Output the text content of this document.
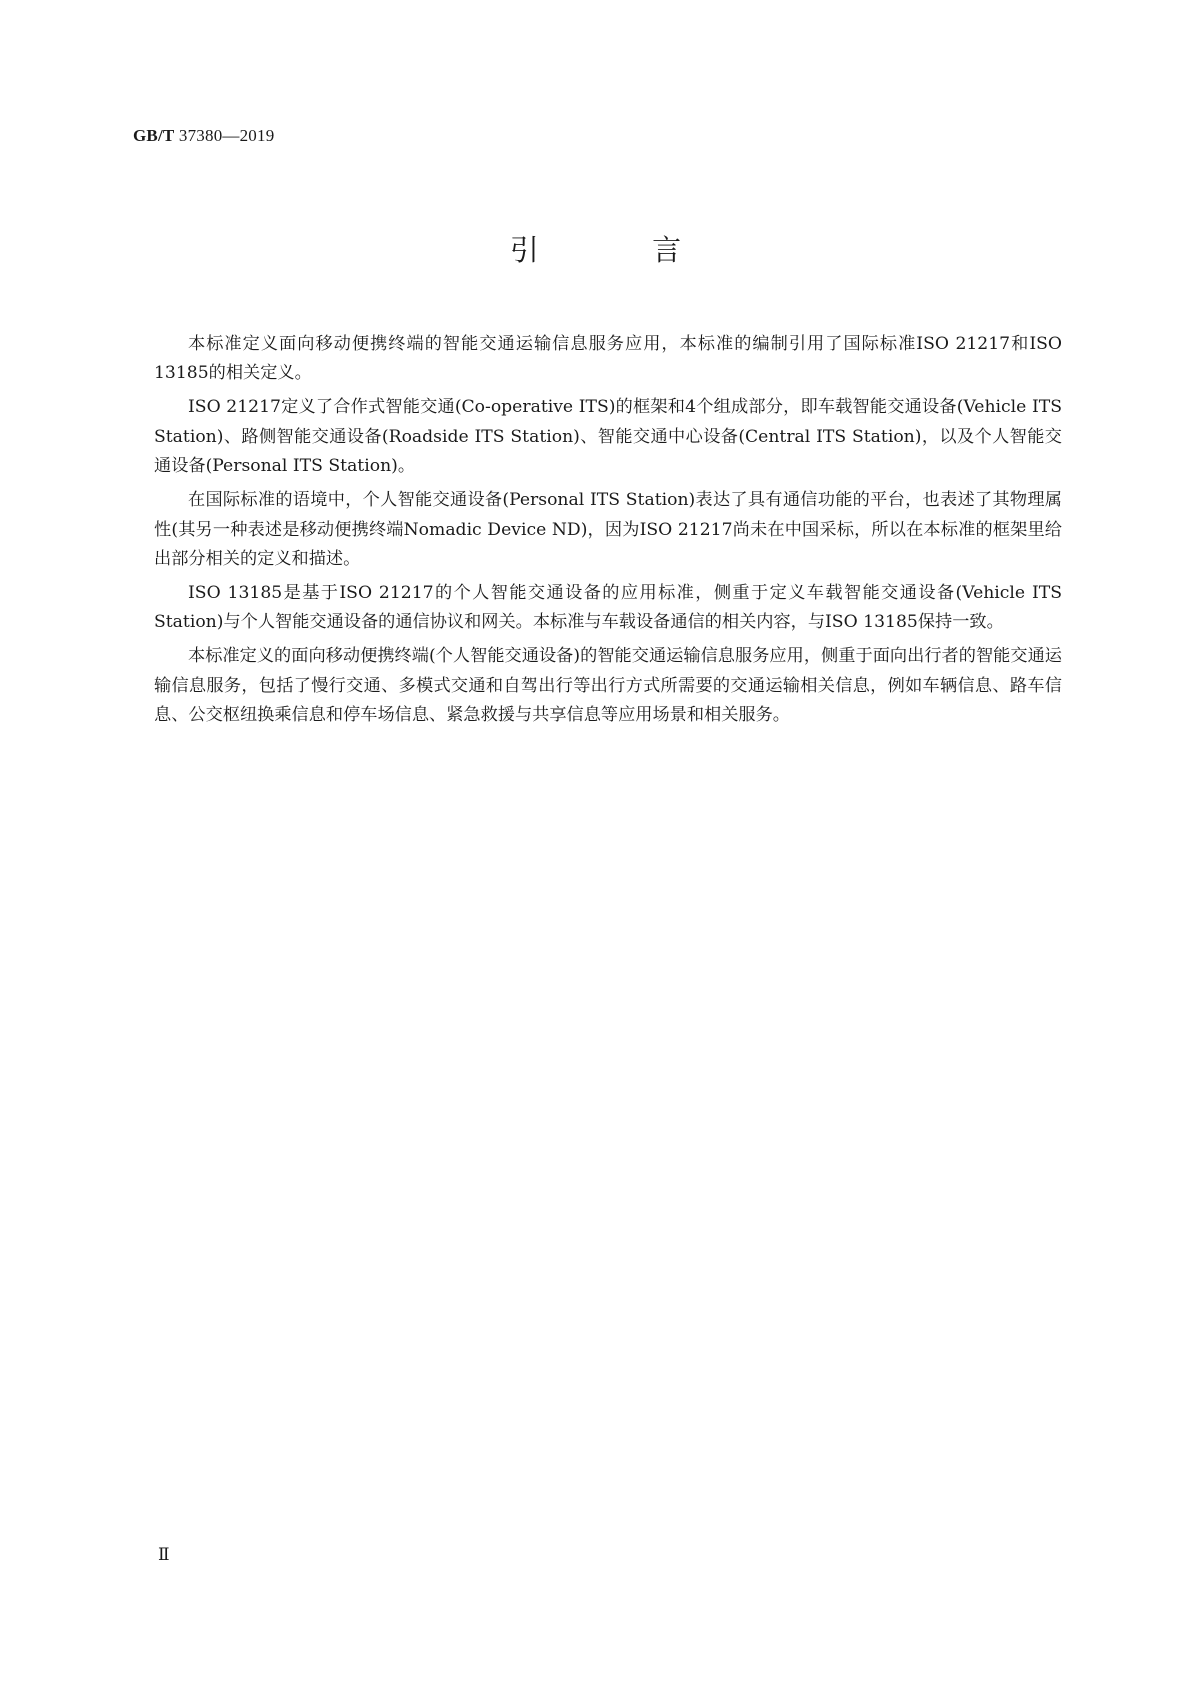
GB/T 37380—2019
引 言

本标准定义面向移动便携终端的智能交通运输信息服务应用，本标准的编制引用了国际标准ISO 21217和ISO 13185的相关定义。

ISO 21217定义了合作式智能交通(Co-operative ITS)的框架和4个组成部分，即车载智能交通设备(Vehicle ITS Station)、路侧智能交通设备(Roadside ITS Station)、智能交通中心设备(Central ITS Station)，以及个人智能交通设备(Personal ITS Station)。

在国际标准的语境中，个人智能交通设备(Personal ITS Station)表达了具有通信功能的平台，也表述了其物理属性(其另一种表述是移动便携终端Nomadic Device ND)，因为ISO 21217尚未在中国采标，所以在本标准的框架里给出部分相关的定义和描述。

ISO 13185是基于ISO 21217的个人智能交通设备的应用标准，侧重于定义车载智能交通设备(Vehicle ITS Station)与个人智能交通设备的通信协议和网关。本标准与车载设备通信的相关内容，与ISO 13185保持一致。

本标准定义的面向移动便携终端(个人智能交通设备)的智能交通运输信息服务应用，侧重于面向出行者的智能交通运输信息服务，包括了慢行交通、多模式交通和自驾出行等出行方式所需要的交通运输相关信息，例如车辆信息、路车信息、公交枢纽换乘信息和停车场信息、紧急救援与共享信息等应用场景和相关服务。

Ⅱ
